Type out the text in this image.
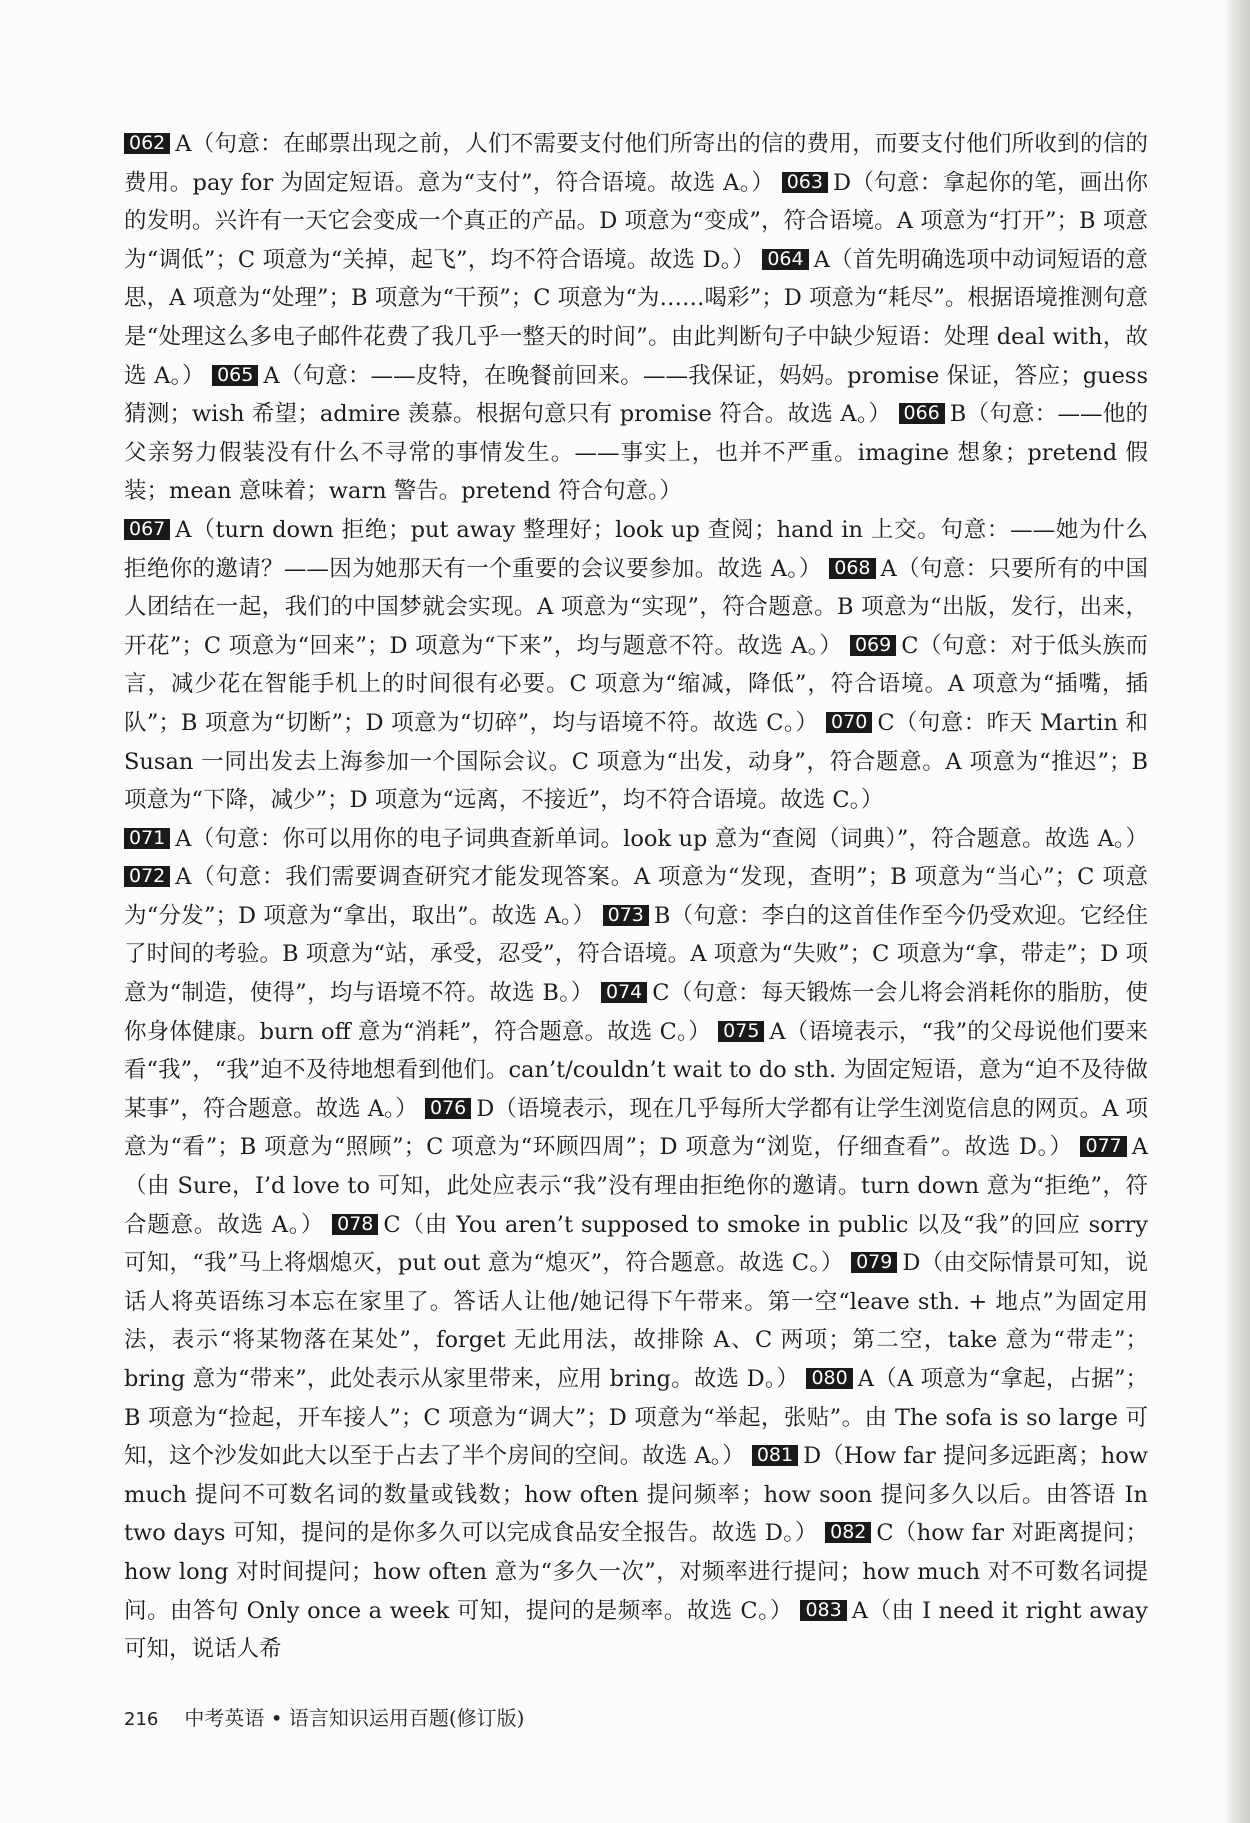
062 A（句意：在邮票出现之前，人们不需要支付他们所寄出的信的费用，而要支付他们所收到的信的费用。pay for 为固定短语。意为“支付”，符合语境。故选 A。） 063 D（句意：拿起你的笔，画出你的发明。兴许有一天它会变成一个真正的产品。D 项意为“变成”，符合语境。A 项意为“打开”；B 项意为“调低”；C 项意为“关掉，起飞”，均不符合语境。故选 D。） 064 A（首先明确选项中动词短语的意思，A 项意为“处理”；B 项意为“干预”；C 项意为“为……喝彩”；D 项意为“耗尽”。根据语境推测句意是“处理这么多电子邮件花费了我几乎一整天的时间”。由此判断句子中缺少短语：处理 deal with，故选 A。） 065 A（句意：——皮特，在晚餐前回来。——我保证，妈妈。promise 保证，答应；guess 猜测；wish 希望；admire 羡慕。根据句意只有 promise 符合。故选 A。） 066 B（句意：——他的父亲努力假装没有什么不寻常的事情发生。——事实上，也并不严重。imagine 想象；pretend 假装；mean 意味着；warn 警告。pretend 符合句意。）

067 A（turn down 拒绝；put away 整理好；look up 查阅；hand in 上交。句意：——她为什么拒绝你的邀请？——因为她那天有一个重要的会议要参加。故选 A。） 068 A（句意：只要所有的中国人团结在一起，我们的中国梦就会实现。A 项意为“实现”，符合题意。B 项意为“出版，发行，出来，开花”；C 项意为“回来”；D 项意为“下来”，均与题意不符。故选 A。） 069 C（句意：对于低头族而言，减少花在智能手机上的时间很有必要。C 项意为“缩减，降低”，符合语境。A 项意为“插嘴，插队”；B 项意为“切断”；D 项意为“切碎”，均与语境不符。故选 C。） 070 C（句意：昨天 Martin 和 Susan 一同出发去上海参加一个国际会议。C 项意为“出发，动身”，符合题意。A 项意为“推迟”；B 项意为“下降，减少”；D 项意为“远离，不接近”，均不符合语境。故选 C。）

071 A（句意：你可以用你的电子词典查新单词。look up 意为“查阅（词典）”，符合题意。故选 A。） 072 A（句意：我们需要调查研究才能发现答案。A 项意为“发现，查明”；B 项意为“当心”；C 项意为“分发”；D 项意为“拿出，取出”。故选 A。） 073 B（句意：李白的这首佳作至今仍受欢迎。它经住了时间的考验。B 项意为“站，承受，忍受”，符合语境。A 项意为“失败”；C 项意为“拿，带走”；D 项意为“制造，使得”，均与语境不符。故选 B。） 074 C（句意：每天锻炼一会儿将会消耗你的脂肪，使你身体健康。burn off 意为“消耗”，符合题意。故选 C。） 075 A（语境表示，“我”的父母说他们要来看“我”，“我”迫不及待地想看到他们。can’t/couldn’t wait to do sth. 为固定短语，意为“迫不及待做某事”，符合题意。故选 A。） 076 D（语境表示，现在几乎每所大学都有让学生浏览信息的网页。A 项意为“看”；B 项意为“照顾”；C 项意为“环顾四周”；D 项意为“浏览，仔细查看”。故选 D。） 077 A（由 Sure，I’d love to 可知，此处应表示“我”没有理由拒绝你的邀请。turn down 意为“拒绝”，符合题意。故选 A。） 078 C（由 You aren’t supposed to smoke in public 以及“我”的回应 sorry 可知，“我”马上将烟熄灭，put out 意为“熄灭”，符合题意。故选 C。） 079 D（由交际情景可知，说话人将英语练习本忘在家里了。答话人让他/她记得下午带来。第一空“leave sth. + 地点”为固定用法，表示“将某物落在某处”，forget 无此用法，故排除 A、C 两项；第二空，take 意为“带走”；bring 意为“带来”，此处表示从家里带来，应用 bring。故选 D。） 080 A（A 项意为“拿起，占据”；B 项意为“捡起，开车接人”；C 项意为“调大”；D 项意为“举起，张贴”。由 The sofa is so large 可知，这个沙发如此大以至于占去了半个房间的空间。故选 A。） 081 D（How far 提问多远距离；how much 提问不可数名词的数量或钱数；how often 提问频率；how soon 提问多久以后。由答语 In two days 可知，提问的是你多久可以完成食品安全报告。故选 D。） 082 C（how far 对距离提问；how long 对时间提问；how often 意为“多久一次”，对频率进行提问；how much 对不可数名词提问。由答句 Only once a week 可知，提问的是频率。故选 C。） 083 A（由 I need it right away 可知，说话人希

216 中考英语 • 语言知识运用百题(修订版)
